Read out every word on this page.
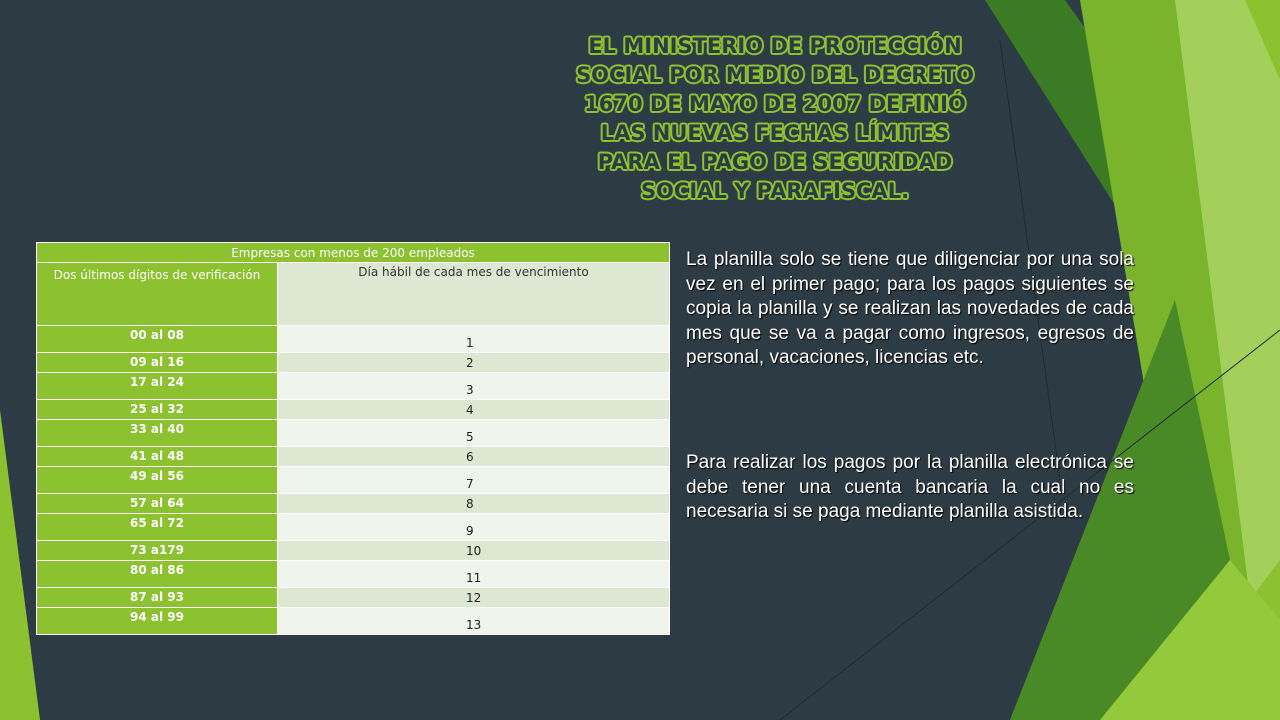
EL MINISTERIO DE PROTECCIÓN
SOCIAL POR MEDIO DEL DECRETO
1670 DE MAYO DE 2007 DEFINIÓ
LAS NUEVAS FECHAS LÍMITES
PARA EL PAGO DE SEGURIDAD
SOCIAL Y PARAFISCAL.
Empresas con menos de 200 empleados	
Dos últimos dígitos de verificación	Día hábil de cada mes de vencimiento
00 al 08	1
09 al 16	2
17 al 24	3
25 al 32	4
33 al 40	5
41 al 48	6
49 al 56	7
57 al 64	8
65 al 72	9
73 a179	10
80 al 86	11
87 al 93	12
94 al 99	13
La planilla solo se tiene que diligenciar por una sola vez en el primer pago; para los pagos siguientes se copia la planilla y se realizan las novedades de cada mes que se va a pagar como ingresos, egresos de personal, vacaciones, licencias etc.
Para realizar los pagos por la planilla electrónica se debe tener una cuenta bancaria la cual no es necesaria si se paga mediante planilla asistida.
